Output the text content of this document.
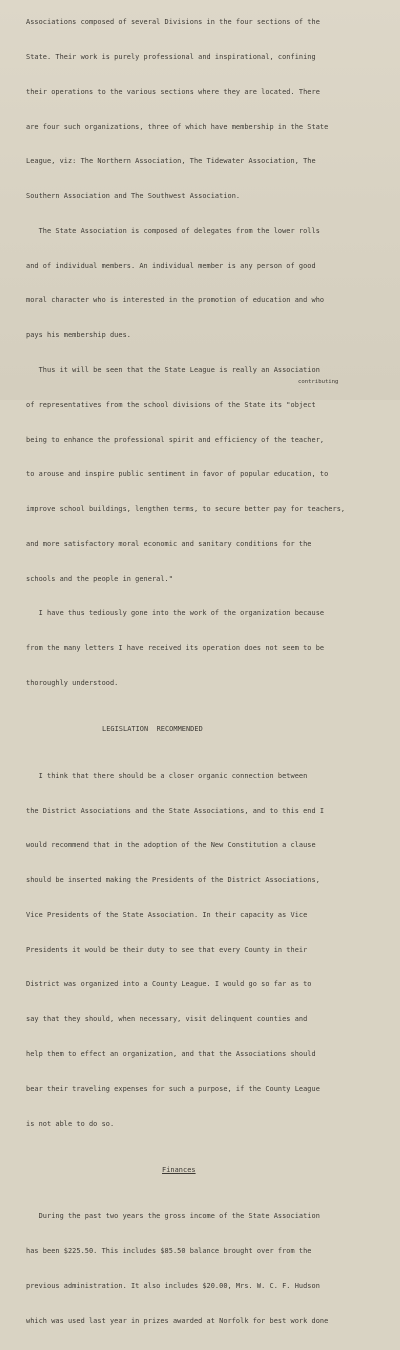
Associations composed of several Divisions in the four sections of the

State. Their work is purely professional and inspirational, confining

their operations to the various sections where they are located. There

are four such organizations, three of which have membership in the State

League, viz: The Northern Association, The Tidewater Association, The

Southern Association and The Southwest Association.

The State Association is composed of delegates from the lower rolls

and of individual members. An individual member is any person of good

moral character who is interested in the promotion of education and who

pays his membership dues.

Thus it will be seen that the State League is really an Association

of representatives from the school divisions of the State its "object

being to enhance the professional spirit and efficiency of the teacher,

to arouse and inspire public sentiment in favor of popular education, to

improve school buildings, lengthen terms, to secure better pay for teachers,

and more satisfactory moral economic and sanitary conditions for the

schools and the people in general."

I have thus tediously gone into the work of the organization because

from the many letters I have received its operation does not seem to be

thoroughly understood.

LEGISLATION  RECOMMENDED

I think that there should be a closer organic connection between

the District Associations and the State Associations, and to this end I

would recommend that in the adoption of the New Constitution a clause

should be inserted making the Presidents of the District Associations,

Vice Presidents of the State Association. In their capacity as Vice

Presidents it would be their duty to see that every County in their

District was organized into a County League. I would go so far as to

say that they should, when necessary, visit delinquent counties and

help them to effect an organization, and that the Associations should

bear their traveling expenses for such a purpose, if the County League

is not able to do so.

Finances

During the past two years the gross income of the State Association

has been $225.50. This includes $85.50 balance brought over from the

previous administration. It also includes $20.00, Mrs. W. C. F. Hudson

which was used last year in prizes awarded at Norfolk for best work done

contributing
